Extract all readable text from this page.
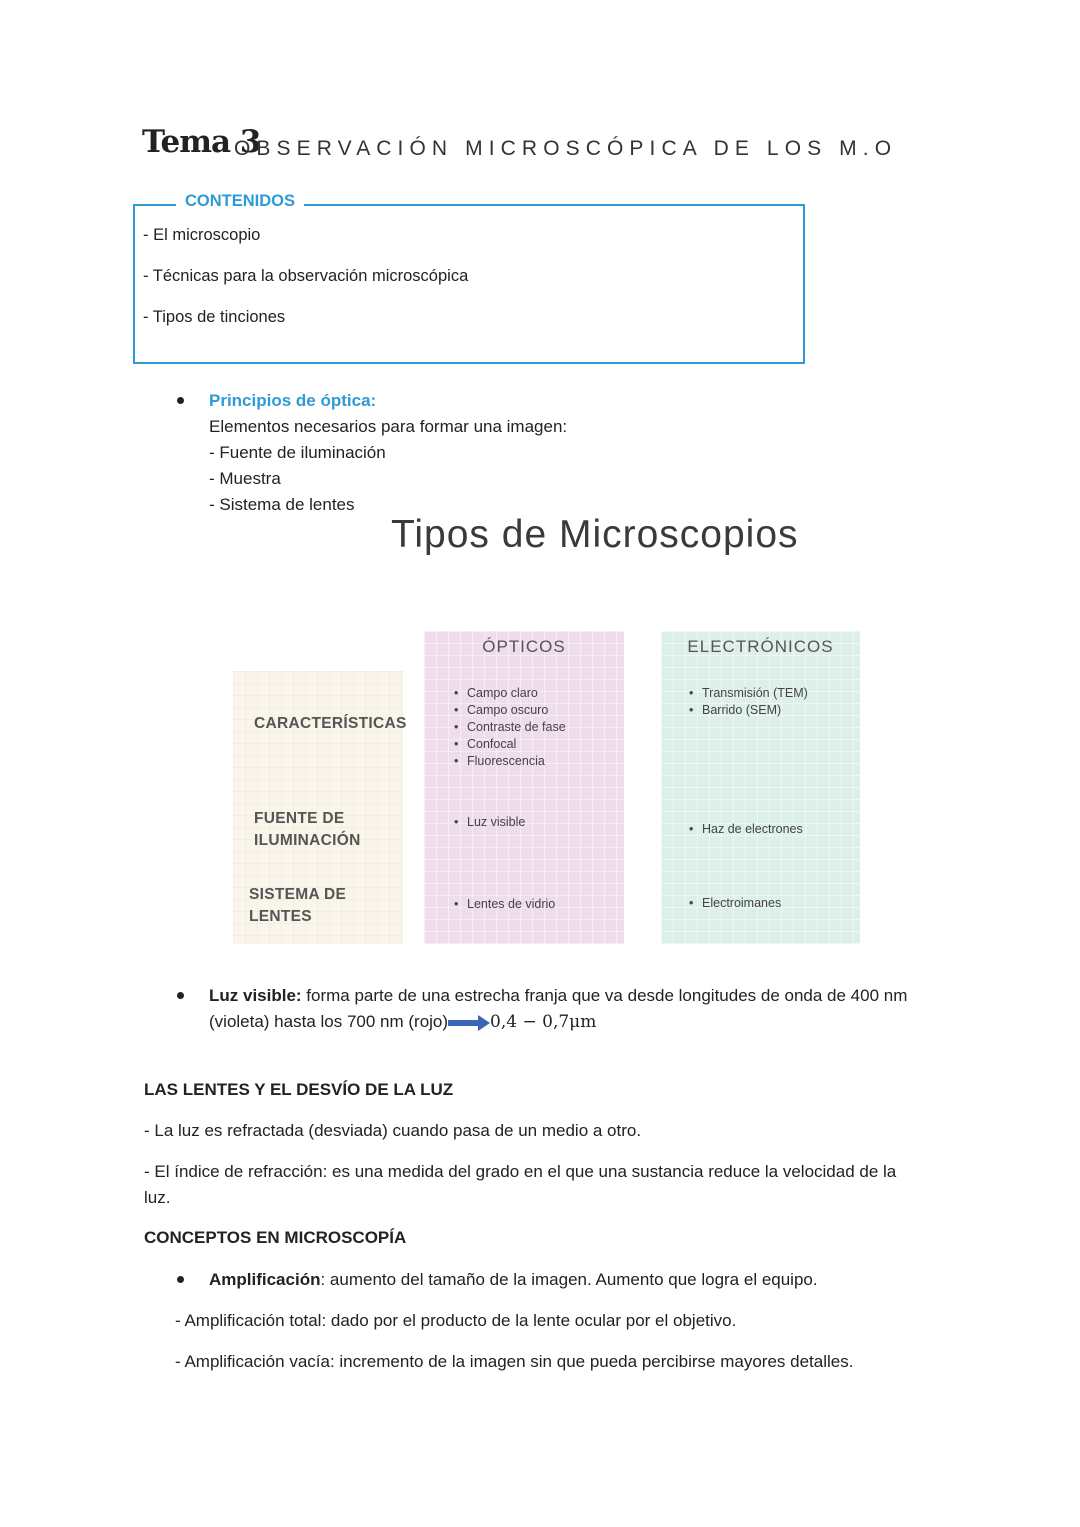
Tema 3
OBSERVACIÓN MICROSCÓPICA DE LOS M.O
CONTENIDOS
- El microscopio
- Técnicas para la observación microscópica
- Tipos de tinciones
Principios de óptica:
Elementos necesarios para formar una imagen:
- Fuente de iluminación
- Muestra
- Sistema de lentes
Tipos de Microscopios
CARACTERÍSTICAS
FUENTE DE
ILUMINACIÓN
SISTEMA DE
LENTES
ÓPTICOS	ELECTRÓNICOS
• Campo claro
• Campo oscuro
• Contraste de fase
• Confocal
• Fluorescencia
• Luz visible
• Lentes de vidrio
• Transmisión (TEM)
• Barrido (SEM)
• Haz de electrones
• Electroimanes
Luz visible: forma parte de una estrecha franja que va desde longitudes de onda de 400 nm
(violeta) hasta los 700 nm (rojo) 0,4 − 0,7μm
LAS LENTES Y EL DESVÍO DE LA LUZ
- La luz es refractada (desviada) cuando pasa de un medio a otro.
- El índice de refracción: es una medida del grado en el que una sustancia reduce la velocidad de la
luz.
CONCEPTOS EN MICROSCOPÍA
Amplificación: aumento del tamaño de la imagen. Aumento que logra el equipo.
- Amplificación total: dado por el producto de la lente ocular por el objetivo.
- Amplificación vacía: incremento de la imagen sin que pueda percibirse mayores detalles.
